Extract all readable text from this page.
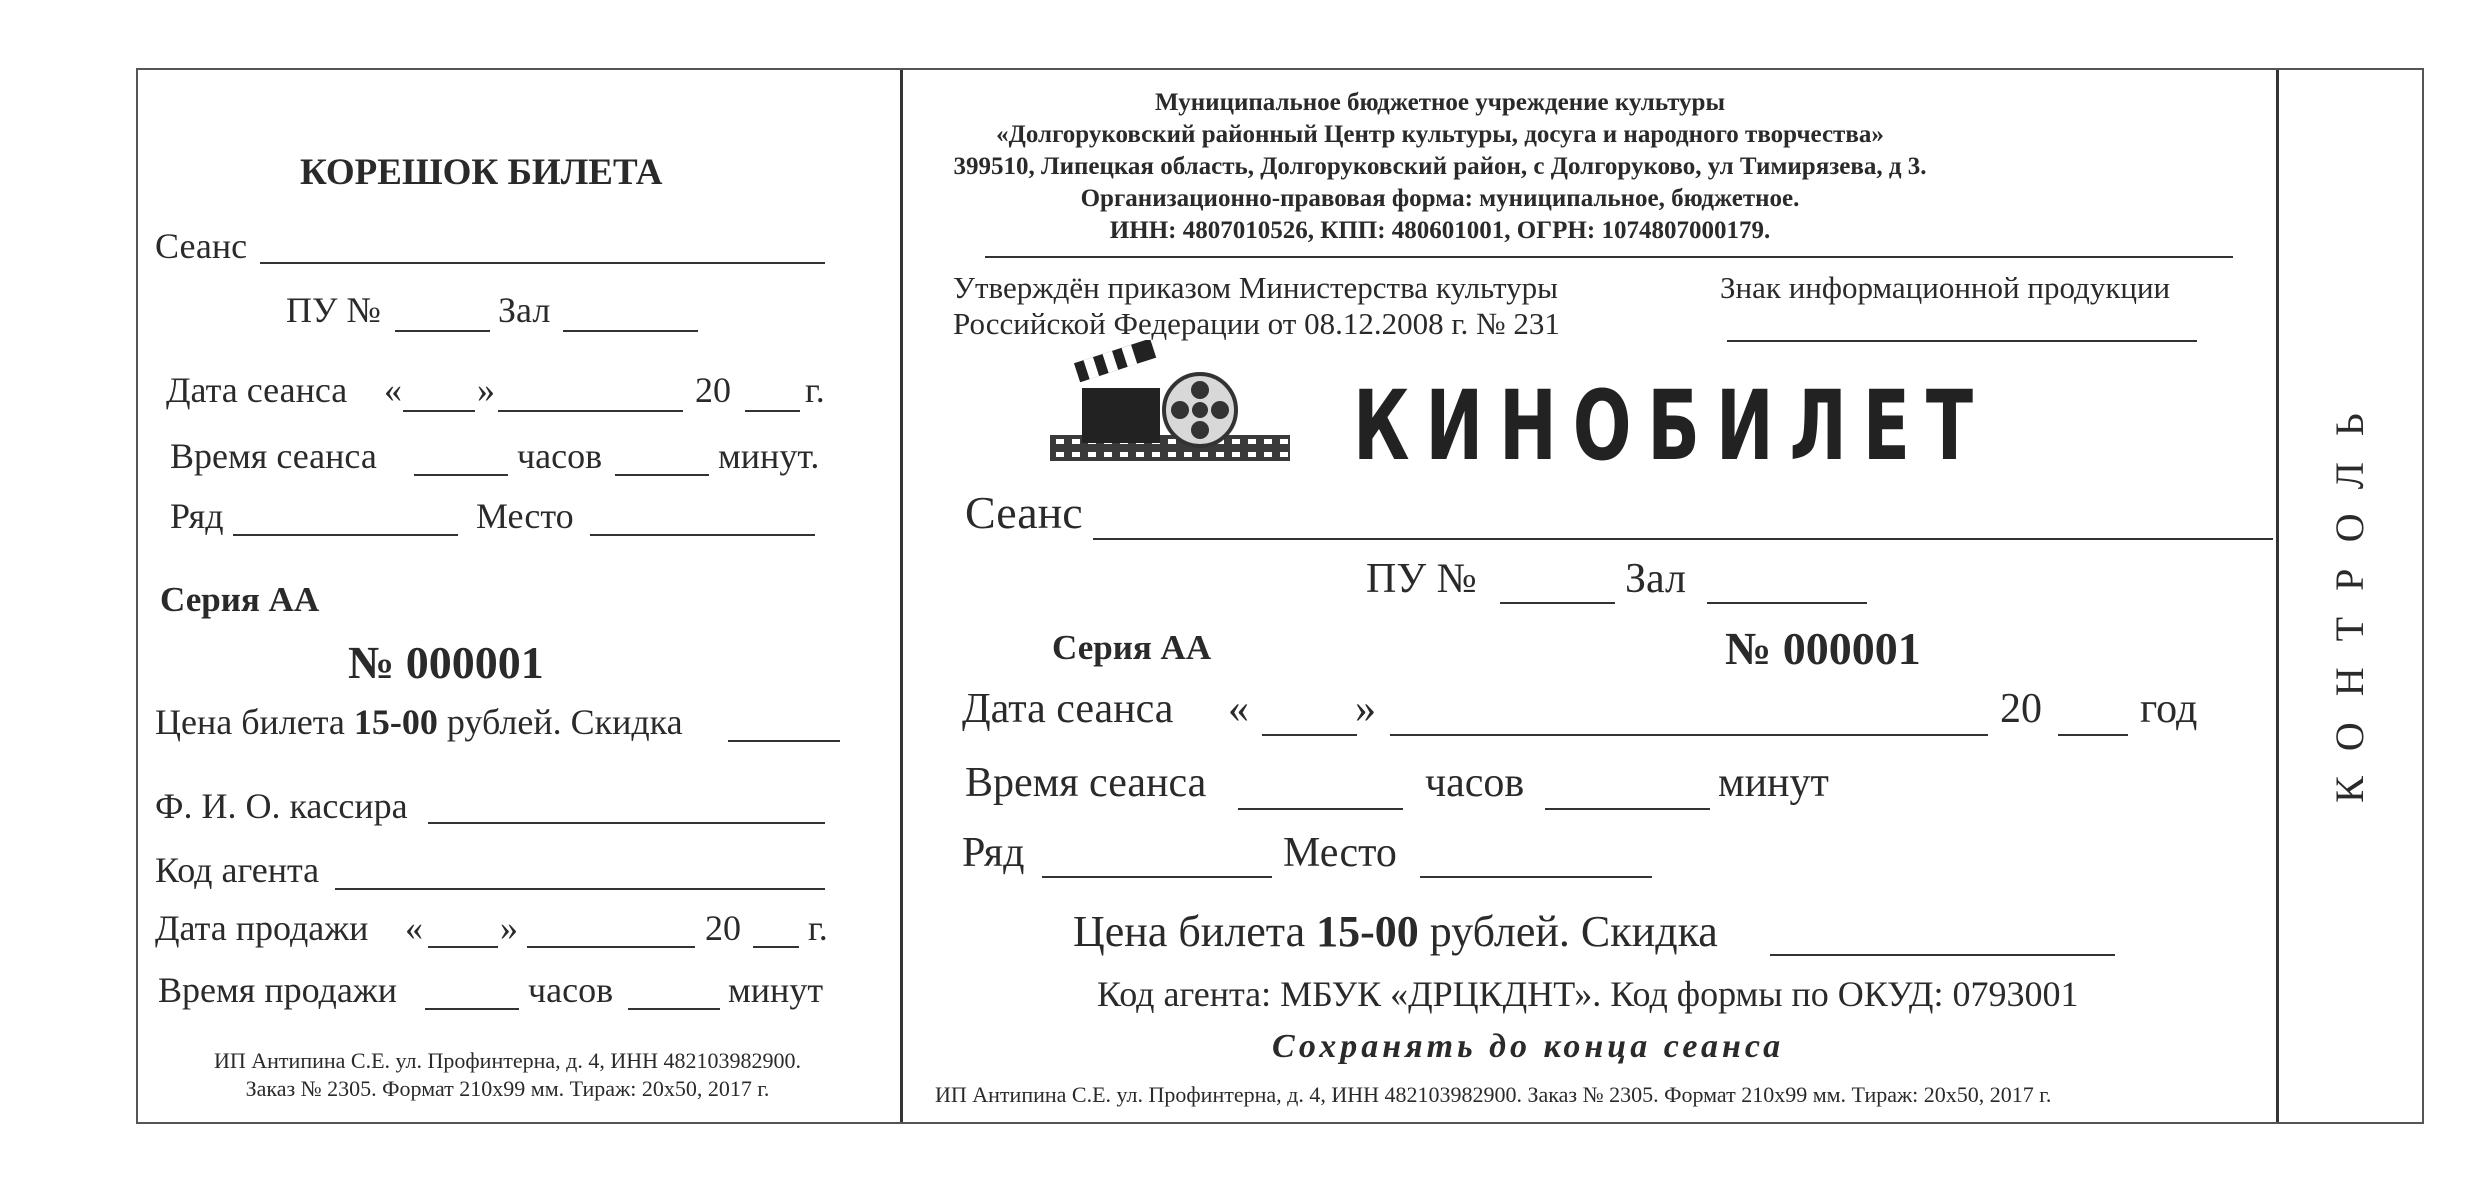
КОРЕШОК БИЛЕТА
Сеанс
ПУ №	Зал
Дата сеанса « »	20 г.
Время сеанса	часов	минут.
Ряд	Место
Серия АА
№ 000001
Цена билета 15-00 рублей. Скидка
Ф. И. О. кассира
Код агента
Дата продажи « »	20 г.
Время продажи	часов	минут
ИП Антипина С.Е. ул. Профинтерна, д. 4, ИНН 482103982900.
Заказ № 2305. Формат 210х99 мм. Тираж: 20х50, 2017 г.
Муниципальное бюджетное учреждение культуры
«Долгоруковский районный Центр культуры, досуга и народного творчества»
399510, Липецкая область, Долгоруковский район, с Долгоруково, ул Тимирязева, д 3.
Организационно-правовая форма: муниципальное, бюджетное.
ИНН: 4807010526, КПП: 480601001, ОГРН: 1074807000179.
Утверждён приказом Министерства культуры
Российской Федерации от 08.12.2008 г. № 231
Знак информационной продукции
КИНОБИЛЕТ
Сеанс
ПУ №	Зал
Серия АА	№ 000001
Дата сеанса «	»	20 год
Время сеанса	часов	минут
Ряд	Место
Цена билета 15-00 рублей. Скидка
Код агента: МБУК «ДРЦКДНТ». Код формы по ОКУД: 0793001
Сохранять до конца сеанса
ИП Антипина С.Е. ул. Профинтерна, д. 4, ИНН 482103982900. Заказ № 2305. Формат 210х99 мм. Тираж: 20х50, 2017 г.
КОНТРОЛЬ
